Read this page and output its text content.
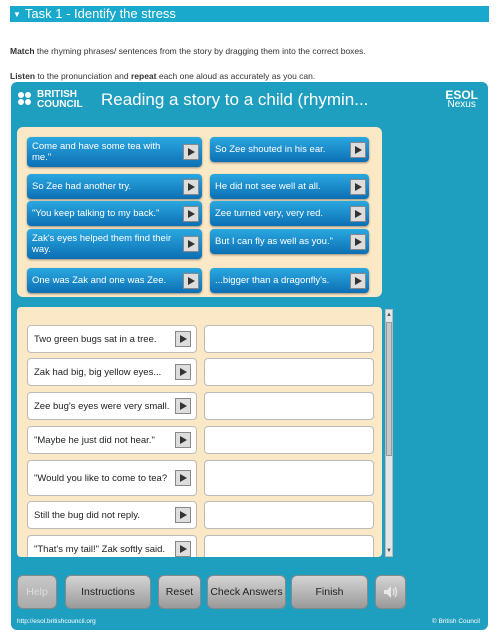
▼ Task 1 - Identify the stress
Match the rhyming phrases/ sentences from the story by dragging them into the correct boxes.
Listen to the pronunciation and repeat each one aloud as accurately as you can.
BRITISH
COUNCIL Reading a story to a child (rhymin...	ESOL
Nexus
Come and have some tea with me."
So Zee shouted in his ear.
So Zee had another try.	He did not see well at all.
"You keep talking to my back."	Zee turned very, very red.
Zak's eyes helped them find their way.
But I can fly as well as you."
One was Zak and one was Zee.	...bigger than a dragonfly's.
Two green bugs sat in a tree.
Zak had big, big yellow eyes...
Zee bug's eyes were very small.
"Maybe he just did not hear."
"Would you like to come to tea?
Still the bug did not reply.
"That's my tail!" Zak softly said.
▲
▼
Help	Instructions	Reset Check Answers	Finish
http://esol.britishcouncil.org	© British Council
